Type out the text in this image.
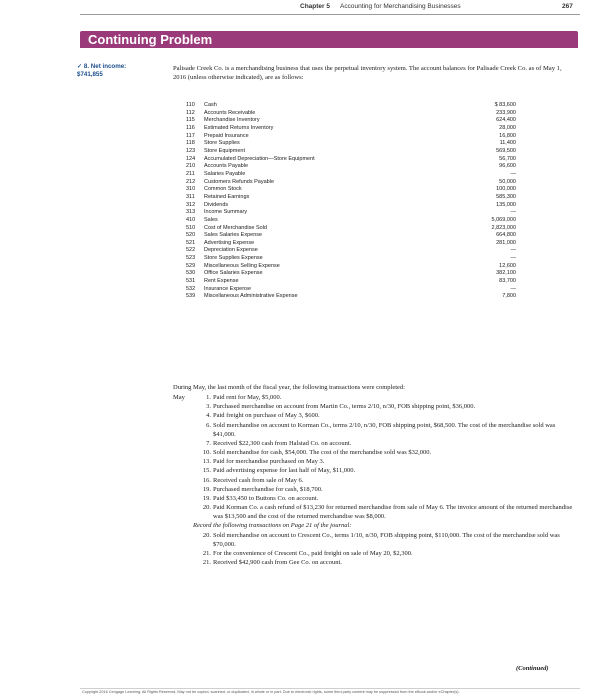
Chapter 5 Accounting for Merchandising Businesses	267
Continuing Problem
✓ 8. Net income:
$741,855
Palisade Creek Co. is a merchandising business that uses the perpetual inventory system. The account balances for Palisade Creek Co. as of May 1, 2016 (unless otherwise indicated), are as follows:
110	Cash	$ 83,600
112	Accounts Receivable	233,900
115	Merchandise Inventory	624,400
116	Estimated Returns Inventory	28,000
117	Prepaid Insurance	16,800
118	Store Supplies	11,400
123	Store Equipment	569,500
124	Accumulated Depreciation—Store Equipment	56,700
210	Accounts Payable	96,600
211	Salaries Payable	—
212	Customers Refunds Payable	50,000
310	Common Stock	100,000
311	Retained Earnings	585,300
312	Dividends	135,000
313	Income Summary	—
410	Sales	5,069,000
510	Cost of Merchandise Sold	2,823,000
520	Sales Salaries Expense	664,800
521	Advertising Expense	281,000
522	Depreciation Expense	—
523	Store Supplies Expense	—
529	Miscellaneous Selling Expense	12,600
530	Office Salaries Expense	382,100
531	Rent Expense	83,700
532	Insurance Expense	—
539	Miscellaneous Administrative Expense	7,800
During May, the last month of the fiscal year, the following transactions were completed:
May	1. Paid rent for May, $5,000.
3. Purchased merchandise on account from Martin Co., terms 2/10, n/30, FOB shipping point, $36,000.
4. Paid freight on purchase of May 3, $600.
6. Sold merchandise on account to Korman Co., terms 2/10, n/30, FOB shipping point, $68,500. The cost of the merchandise sold was $41,000.
7. Received $22,300 cash from Halstad Co. on account.
10. Sold merchandise for cash, $54,000. The cost of the merchandise sold was $32,000.
13. Paid for merchandise purchased on May 3.
15. Paid advertising expense for last half of May, $11,000.
16. Received cash from sale of May 6.
19. Purchased merchandise for cash, $18,700.
19. Paid $33,450 to Buttons Co. on account.
20. Paid Korman Co. a cash refund of $13,230 for returned merchandise from sale of May 6. The invoice amount of the returned merchandise was $13,500 and the cost of the returned merchandise was $8,000.
Record the following transactions on Page 21 of the journal:
20. Sold merchandise on account to Crescent Co., terms 1/10, n/30, FOB shipping point, $110,000. The cost of the merchandise sold was $70,000.
21. For the convenience of Crescent Co., paid freight on sale of May 20, $2,300.
21. Received $42,900 cash from Gee Co. on account.
(Continued)
Copyright 2016 Cengage Learning. All Rights Reserved. May not be copied, scanned, or duplicated, in whole or in part. Due to electronic rights, some third party content may be suppressed from the eBook and/or eChapter(s).
